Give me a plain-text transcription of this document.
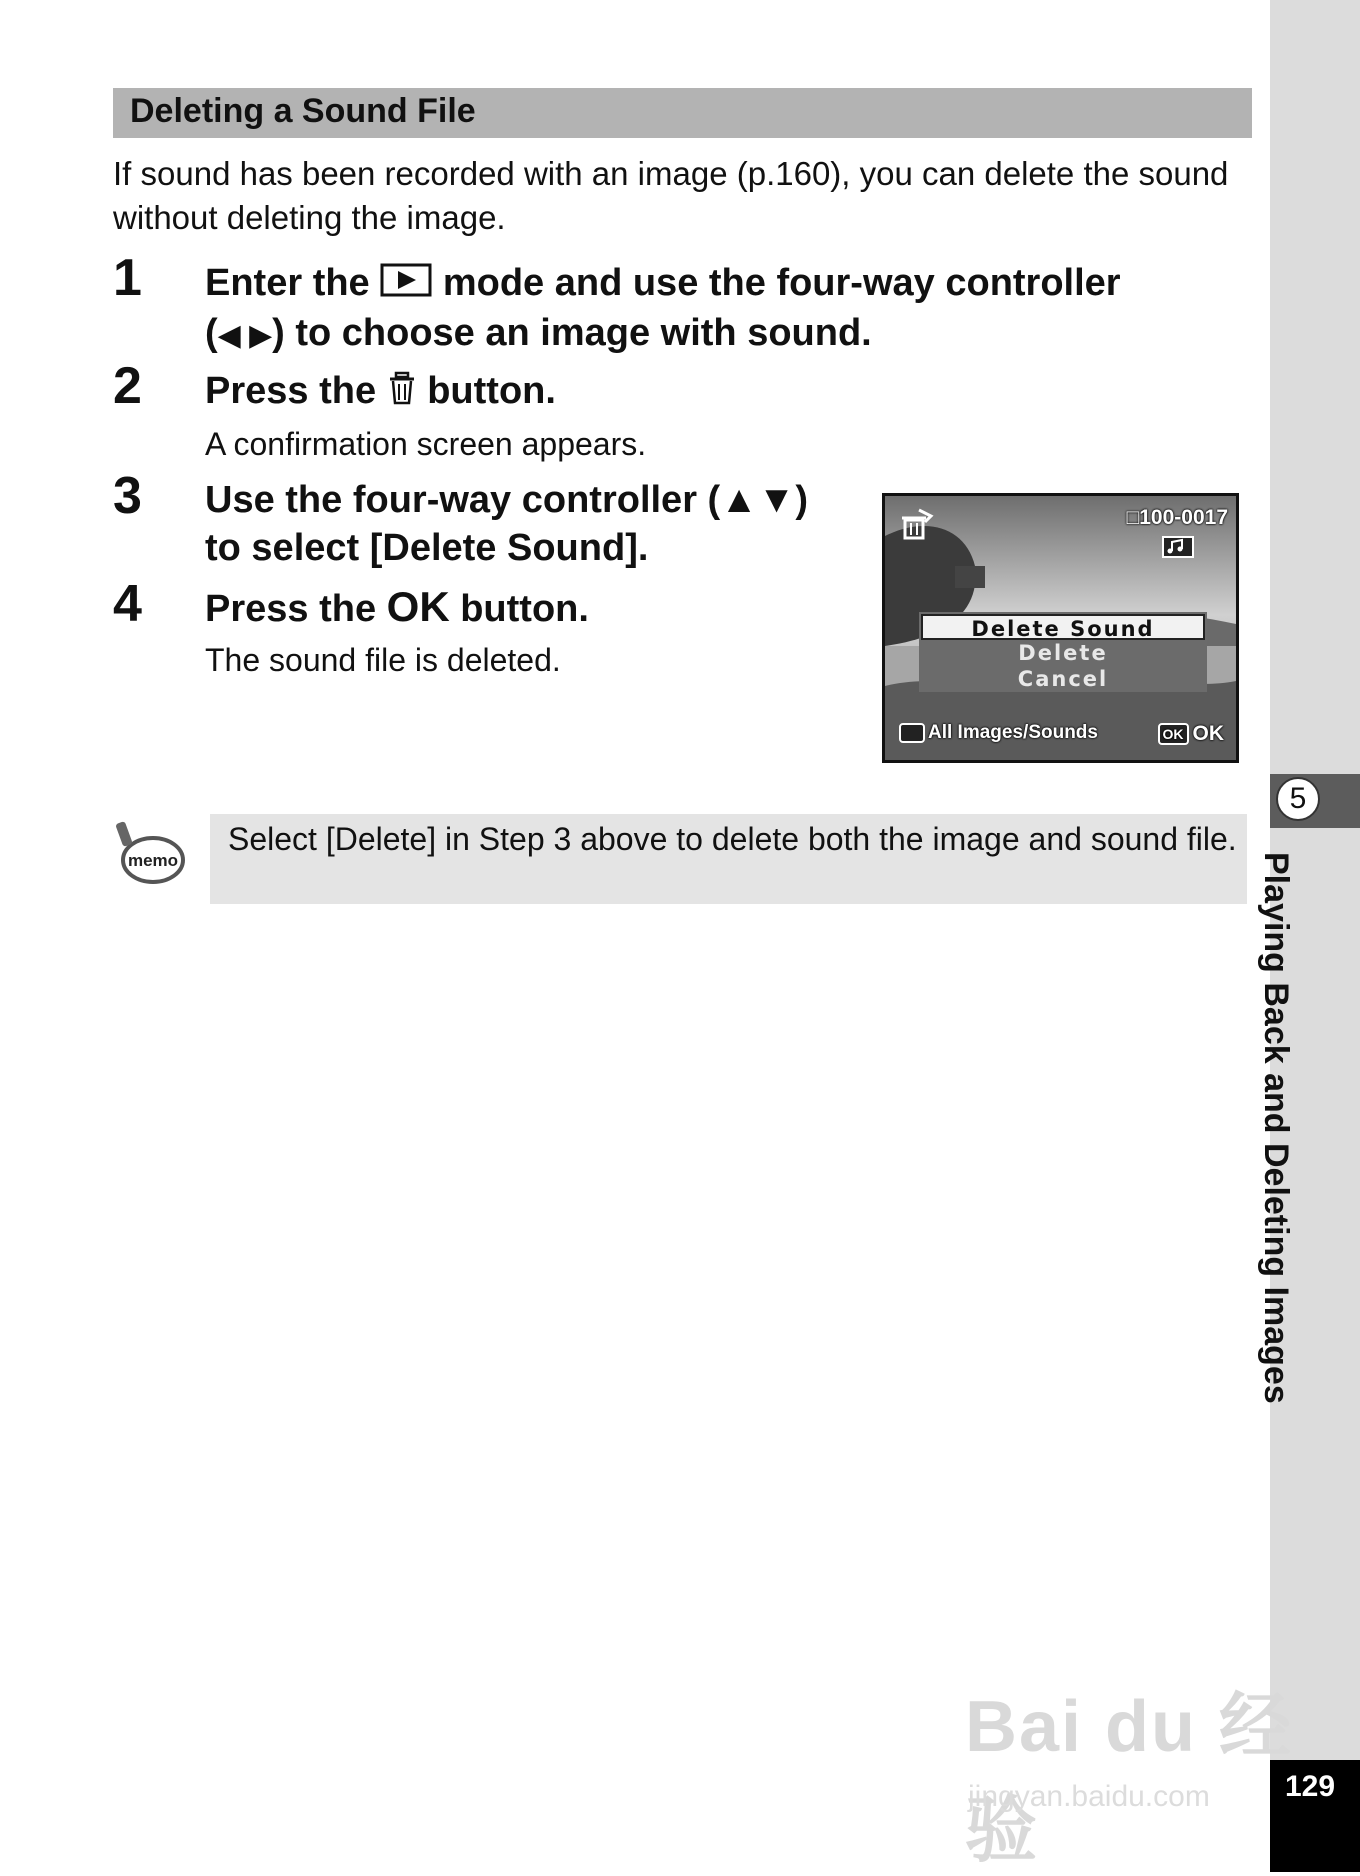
5
Playing Back and Deleting Images
129
Deleting a Sound File
If sound has been recorded with an image (p.160), you can delete the sound without deleting the image.
1 Enter the mode and use the four-way controller
(◀ ▶) to choose an image with sound.
2 Press the button.
A confirmation screen appears.
3 Use the four-way controller (▲▼)
to select [Delete Sound].
4 Press the OK button.
The sound file is deleted.
□100-0017
Delete Sound
Delete
Cancel
All Images/Sounds	OK OK
memo
Select [Delete] in Step 3 above to delete both the image and sound file.
Bai du 经验
jingyan.baidu.com
